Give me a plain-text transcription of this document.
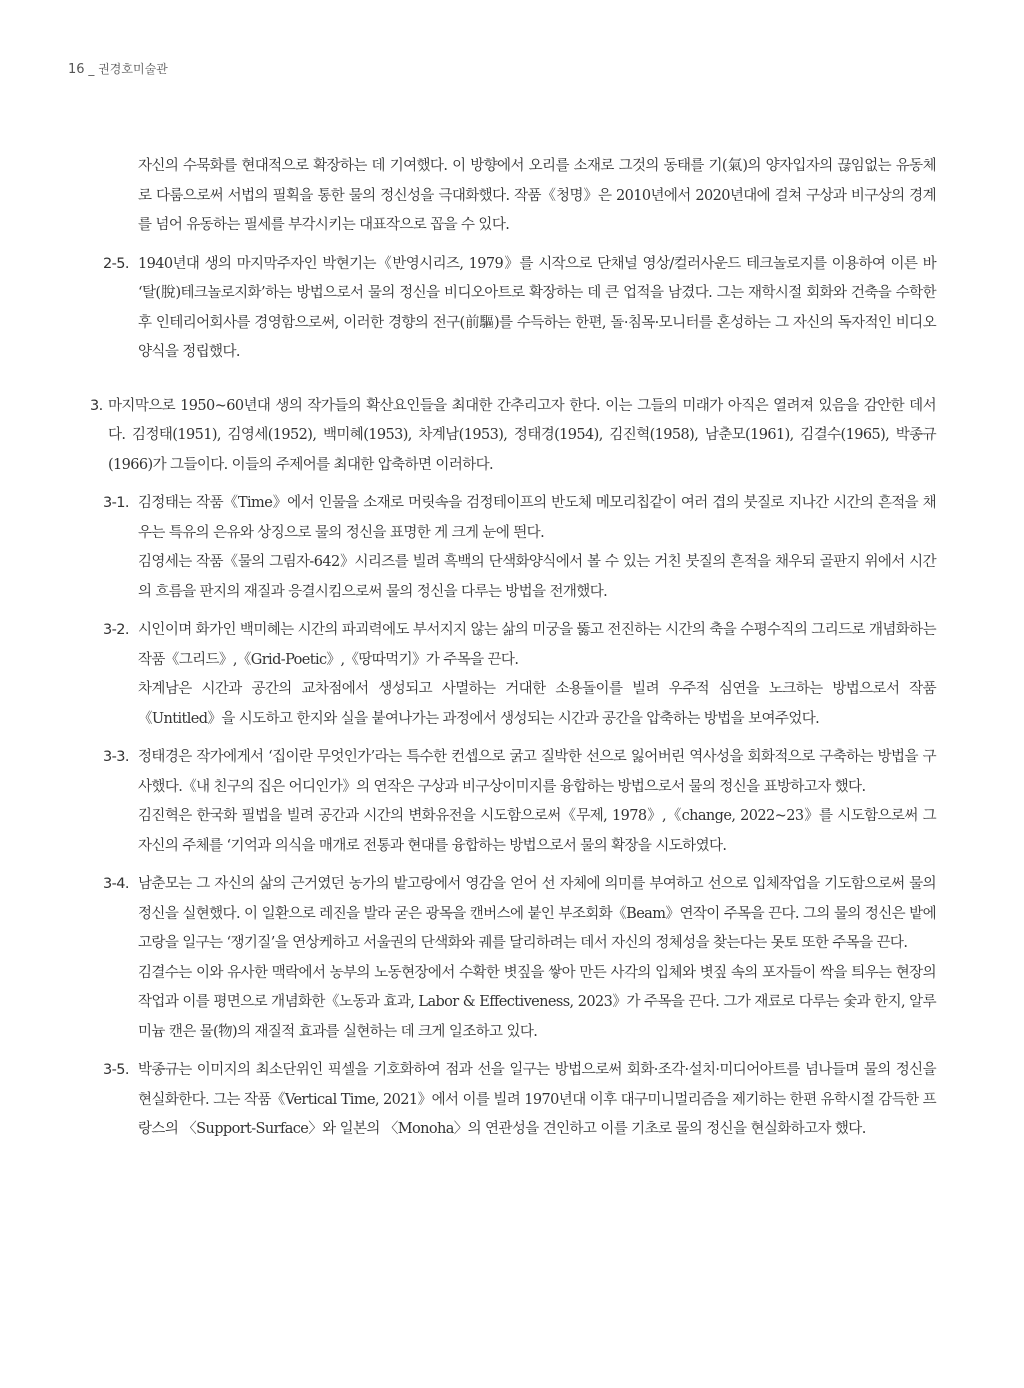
16 _ 권경호미술관

자신의 수묵화를 현대적으로 확장하는 데 기여했다. 이 방향에서 오리를 소재로 그것의 동태를 기(氣)의 양자입자의 끊임없는 유동체로 다룸으로써 서법의 필획을 통한 물의 정신성을 극대화했다. 작품《청명》은 2010년에서 2020년대에 걸쳐 구상과 비구상의 경계를 넘어 유동하는 필세를 부각시키는 대표작으로 꼽을 수 있다.

2-5. 1940년대 생의 마지막주자인 박현기는《반영시리즈, 1979》를 시작으로 단채널 영상/컬러사운드 테크놀로지를 이용하여 이른 바 ‘탈(脫)테크놀로지화’하는 방법으로서 물의 정신을 비디오아트로 확장하는 데 큰 업적을 남겼다. 그는 재학시절 회화와 건축을 수학한 후 인테리어회사를 경영함으로써, 이러한 경향의 전구(前驅)를 수득하는 한편, 돌·침목·모니터를 혼성하는 그 자신의 독자적인 비디오 양식을 정립했다.

3. 마지막으로 1950~60년대 생의 작가들의 확산요인들을 최대한 간추리고자 한다. 이는 그들의 미래가 아직은 열려져 있음을 감안한 데서다. 김정태(1951), 김영세(1952), 백미혜(1953), 차계남(1953), 정태경(1954), 김진혁(1958), 남춘모(1961), 김결수(1965), 박종규(1966)가 그들이다. 이들의 주제어를 최대한 압축하면 이러하다.

3-1. 김정태는 작품《Time》에서 인물을 소재로 머릿속을 검정테이프의 반도체 메모리칩같이 여러 겹의 붓질로 지나간 시간의 흔적을 채우는 특유의 은유와 상징으로 물의 정신을 표명한 게 크게 눈에 띈다.

김영세는 작품《물의 그림자-642》시리즈를 빌려 흑백의 단색화양식에서 볼 수 있는 거친 붓질의 흔적을 채우되 골판지 위에서 시간의 흐름을 판지의 재질과 응결시킴으로써 물의 정신을 다루는 방법을 전개했다.

3-2. 시인이며 화가인 백미혜는 시간의 파괴력에도 부서지지 않는 삶의 미궁을 뚫고 전진하는 시간의 축을 수평수직의 그리드로 개념화하는 작품《그리드》,《Grid-Poetic》,《땅따먹기》가 주목을 끈다.

차계남은 시간과 공간의 교차점에서 생성되고 사멸하는 거대한 소용돌이를 빌려 우주적 심연을 노크하는 방법으로서 작품《Untitled》을 시도하고 한지와 실을 붙여나가는 과정에서 생성되는 시간과 공간을 압축하는 방법을 보여주었다.

3-3. 정태경은 작가에게서 ‘집이란 무엇인가’라는 특수한 컨셉으로 굵고 질박한 선으로 잃어버린 역사성을 회화적으로 구축하는 방법을 구사했다.《내 친구의 집은 어디인가》의 연작은 구상과 비구상이미지를 융합하는 방법으로서 물의 정신을 표방하고자 했다.

김진혁은 한국화 필법을 빌려 공간과 시간의 변화유전을 시도함으로써《무제, 1978》,《change, 2022~23》를 시도함으로써 그 자신의 주체를 ‘기억과 의식을 매개로 전통과 현대를 융합하는 방법으로서 물의 확장을 시도하였다.

3-4. 남춘모는 그 자신의 삶의 근거였던 농가의 밭고랑에서 영감을 얻어 선 자체에 의미를 부여하고 선으로 입체작업을 기도함으로써 물의 정신을 실현했다. 이 일환으로 레진을 발라 굳은 광목을 캔버스에 붙인 부조회화《Beam》연작이 주목을 끈다. 그의 물의 정신은 밭에 고랑을 일구는 ‘쟁기질’을 연상케하고 서울권의 단색화와 궤를 달리하려는 데서 자신의 정체성을 찾는다는 못토 또한 주목을 끈다.

김결수는 이와 유사한 맥락에서 농부의 노동현장에서 수확한 볏짚을 쌓아 만든 사각의 입체와 볏짚 속의 포자들이 싹을 틔우는 현장의 작업과 이를 평면으로 개념화한《노동과 효과, Labor & Effectiveness, 2023》가 주목을 끈다. 그가 재료로 다루는 숯과 한지, 알루미늄 캔은 물(物)의 재질적 효과를 실현하는 데 크게 일조하고 있다.

3-5. 박종규는 이미지의 최소단위인 픽셀을 기호화하여 점과 선을 일구는 방법으로써 회화·조각·설치·미디어아트를 넘나들며 물의 정신을 현실화한다. 그는 작품《Vertical Time, 2021》에서 이를 빌려 1970년대 이후 대구미니멀리즘을 제기하는 한편 유학시절 감득한 프랑스의 〈Support-Surface〉와 일본의 〈Monoha〉의 연관성을 견인하고 이를 기초로 물의 정신을 현실화하고자 했다.
